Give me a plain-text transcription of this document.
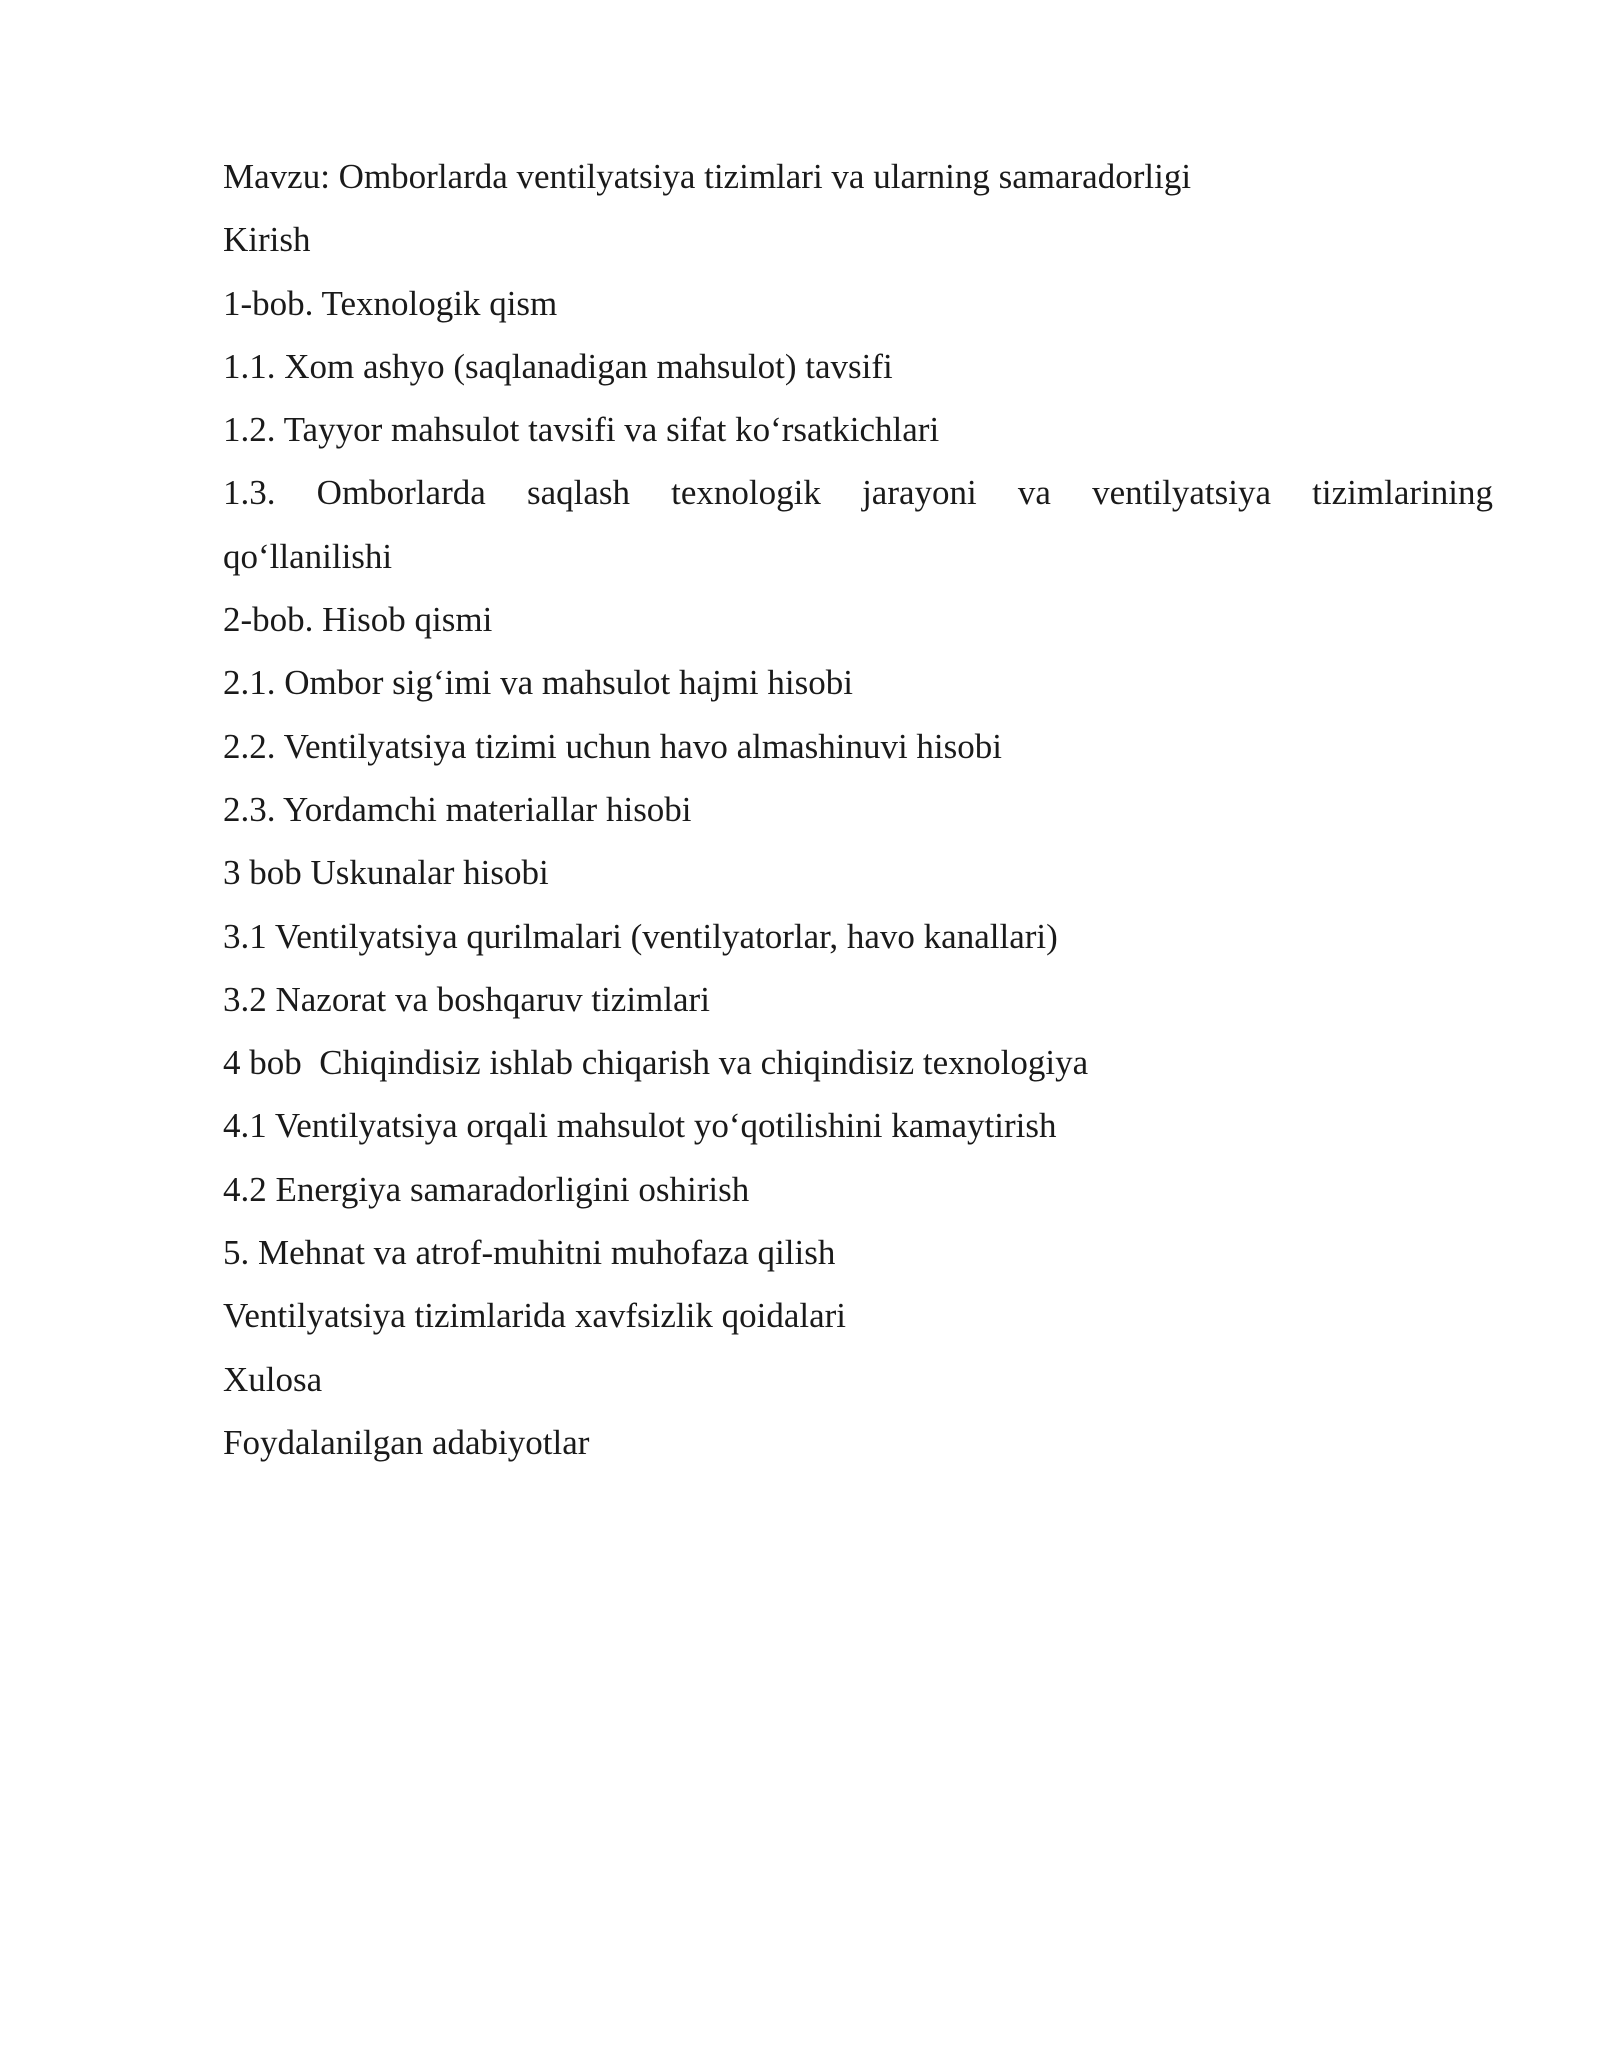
Mavzu: Omborlarda ventilyatsiya tizimlari va ularning samaradorligi

Kirish

1-bob. Texnologik qism

1.1. Xom ashyo (saqlanadigan mahsulot) tavsifi

1.2. Tayyor mahsulot tavsifi va sifat koʻrsatkichlari

1.3. Omborlarda saqlash texnologik jarayoni va ventilyatsiya tizimlarining

qoʻllanilishi

2-bob. Hisob qismi

2.1. Ombor sigʻimi va mahsulot hajmi hisobi

2.2. Ventilyatsiya tizimi uchun havo almashinuvi hisobi

2.3. Yordamchi materiallar hisobi

3 bob Uskunalar hisobi

3.1 Ventilyatsiya qurilmalari (ventilyatorlar, havo kanallari)

3.2 Nazorat va boshqaruv tizimlari

4 bob  Chiqindisiz ishlab chiqarish va chiqindisiz texnologiya

4.1 Ventilyatsiya orqali mahsulot yoʻqotilishini kamaytirish

4.2 Energiya samaradorligini oshirish

5. Mehnat va atrof-muhitni muhofaza qilish

Ventilyatsiya tizimlarida xavfsizlik qoidalari

Xulosa

Foydalanilgan adabiyotlar
